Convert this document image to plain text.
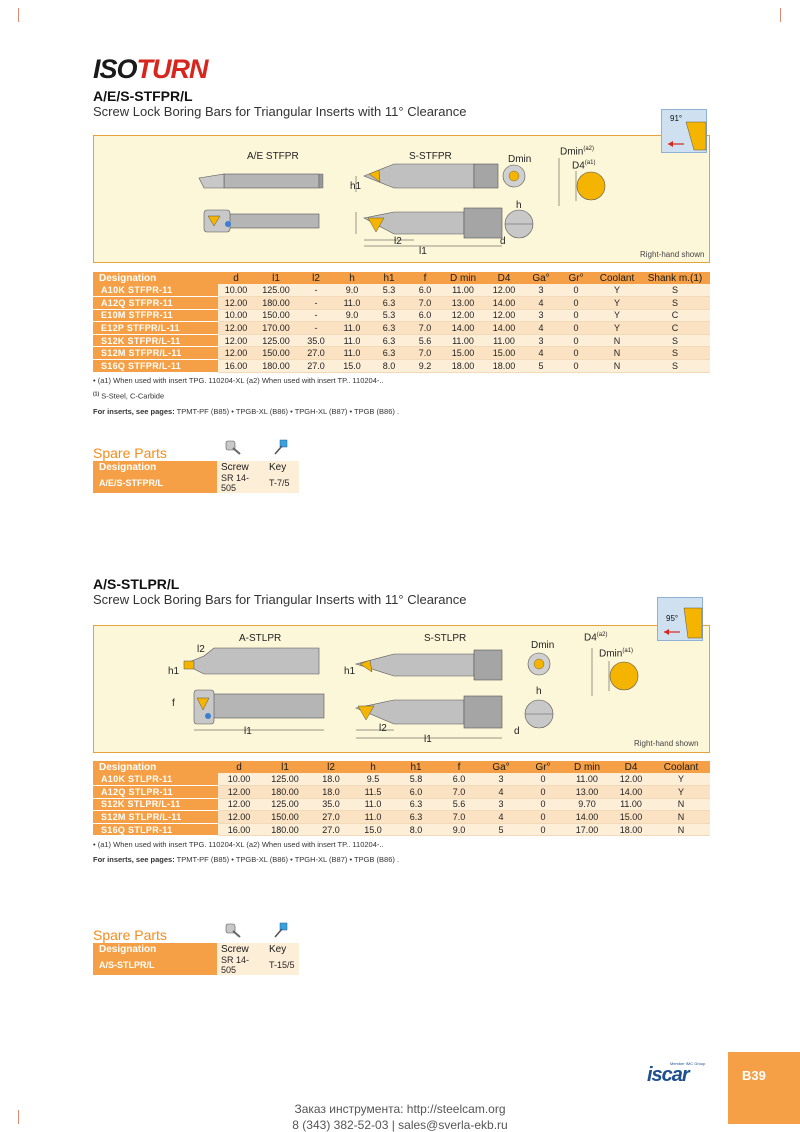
ISOTURN
A/E/S-STFPR/L
Screw Lock Boring Bars for Triangular Inserts with 11° Clearance
A/E STFPR	S-STFPR	Dmin
Dmin$^{(a2)}$
$D4^{(a1)}$
h1
h
l2
l1
d
Right-hand shown
91°
Designation	d	l1	l2	h	h1	f	D min	D4	Ga°	Gr°	Coolant	Shank m.(1)
A10K STFPR-11	10.00	125.00	-	9.0	5.3	6.0	11.00	12.00	3	0	Y	S
A12Q STFPR-11	12.00	180.00	-	11.0	6.3	7.0	13.00	14.00	4	0	Y	S
E10M STFPR-11	10.00	150.00	-	9.0	5.3	6.0	12.00	12.00	3	0	Y	C
E12P STFPR/L-11	12.00	170.00	-	11.0	6.3	7.0	14.00	14.00	4	0	Y	C
S12K STFPR/L-11	12.00	125.00	35.0	11.0	6.3	5.6	11.00	11.00	3	0	N	S
S12M STFPR/L-11	12.00	150.00	27.0	11.0	6.3	7.0	15.00	15.00	4	0	N	S
S16Q STFPR/L-11	16.00	180.00	27.0	15.0	8.0	9.2	18.00	18.00	5	0	N	S
• (a1) When used with insert TPG. 110204-XL (a2) When used with insert TP.. 110204-..
$^{(1)}$ S-Steel, C-Carbide
For inserts, see pages: TPMT-PF (B85) • TPGB-XL (B86) • TPGH-XL (B87) • TPGB (B86) .
Spare Parts
Designation	Screw	Key
A/E/S-STFPR/L	SR 14-505	T-7/5
A/S-STLPR/L
Screw Lock Boring Bars for Triangular Inserts with 11° Clearance
A-STLPR	S-STLPR
Dmin
$D4^{(a2)}$
Dmin$^{(a1)}$
l2
h1	h1
h
f
l1	l2
l1
d
Right-hand shown
95°
Designation	d	l1	l2	h	h1	f	Ga°	Gr°	D min	D4	Coolant
A10K STLPR-11	10.00	125.00	18.0	9.5	5.8	6.0	3	0	11.00	12.00	Y
A12Q STLPR-11	12.00	180.00	18.0	11.5	6.0	7.0	4	0	13.00	14.00	Y
S12K STLPR/L-11	12.00	125.00	35.0	11.0	6.3	5.6	3	0	9.70	11.00	N
S12M STLPR/L-11	12.00	150.00	27.0	11.0	6.3	7.0	4	0	14.00	15.00	N
S16Q STLPR-11	16.00	180.00	27.0	15.0	8.0	9.0	5	0	17.00	18.00	N
• (a1) When used with insert TPG. 110204-XL (a2) When used with insert TP.. 110204-..
For inserts, see pages: TPMT-PF (B85) • TPGB-XL (B86) • TPGH-XL (B87) • TPGB (B86) .
Spare Parts
Designation	Screw	Key
A/S-STLPR/L	SR 14-505	T-15/5
Member IMC Group
iscar	B39
Заказ инструмента: http://steelcam.org
8 (343) 382-52-03 | sales@sverla-ekb.ru
